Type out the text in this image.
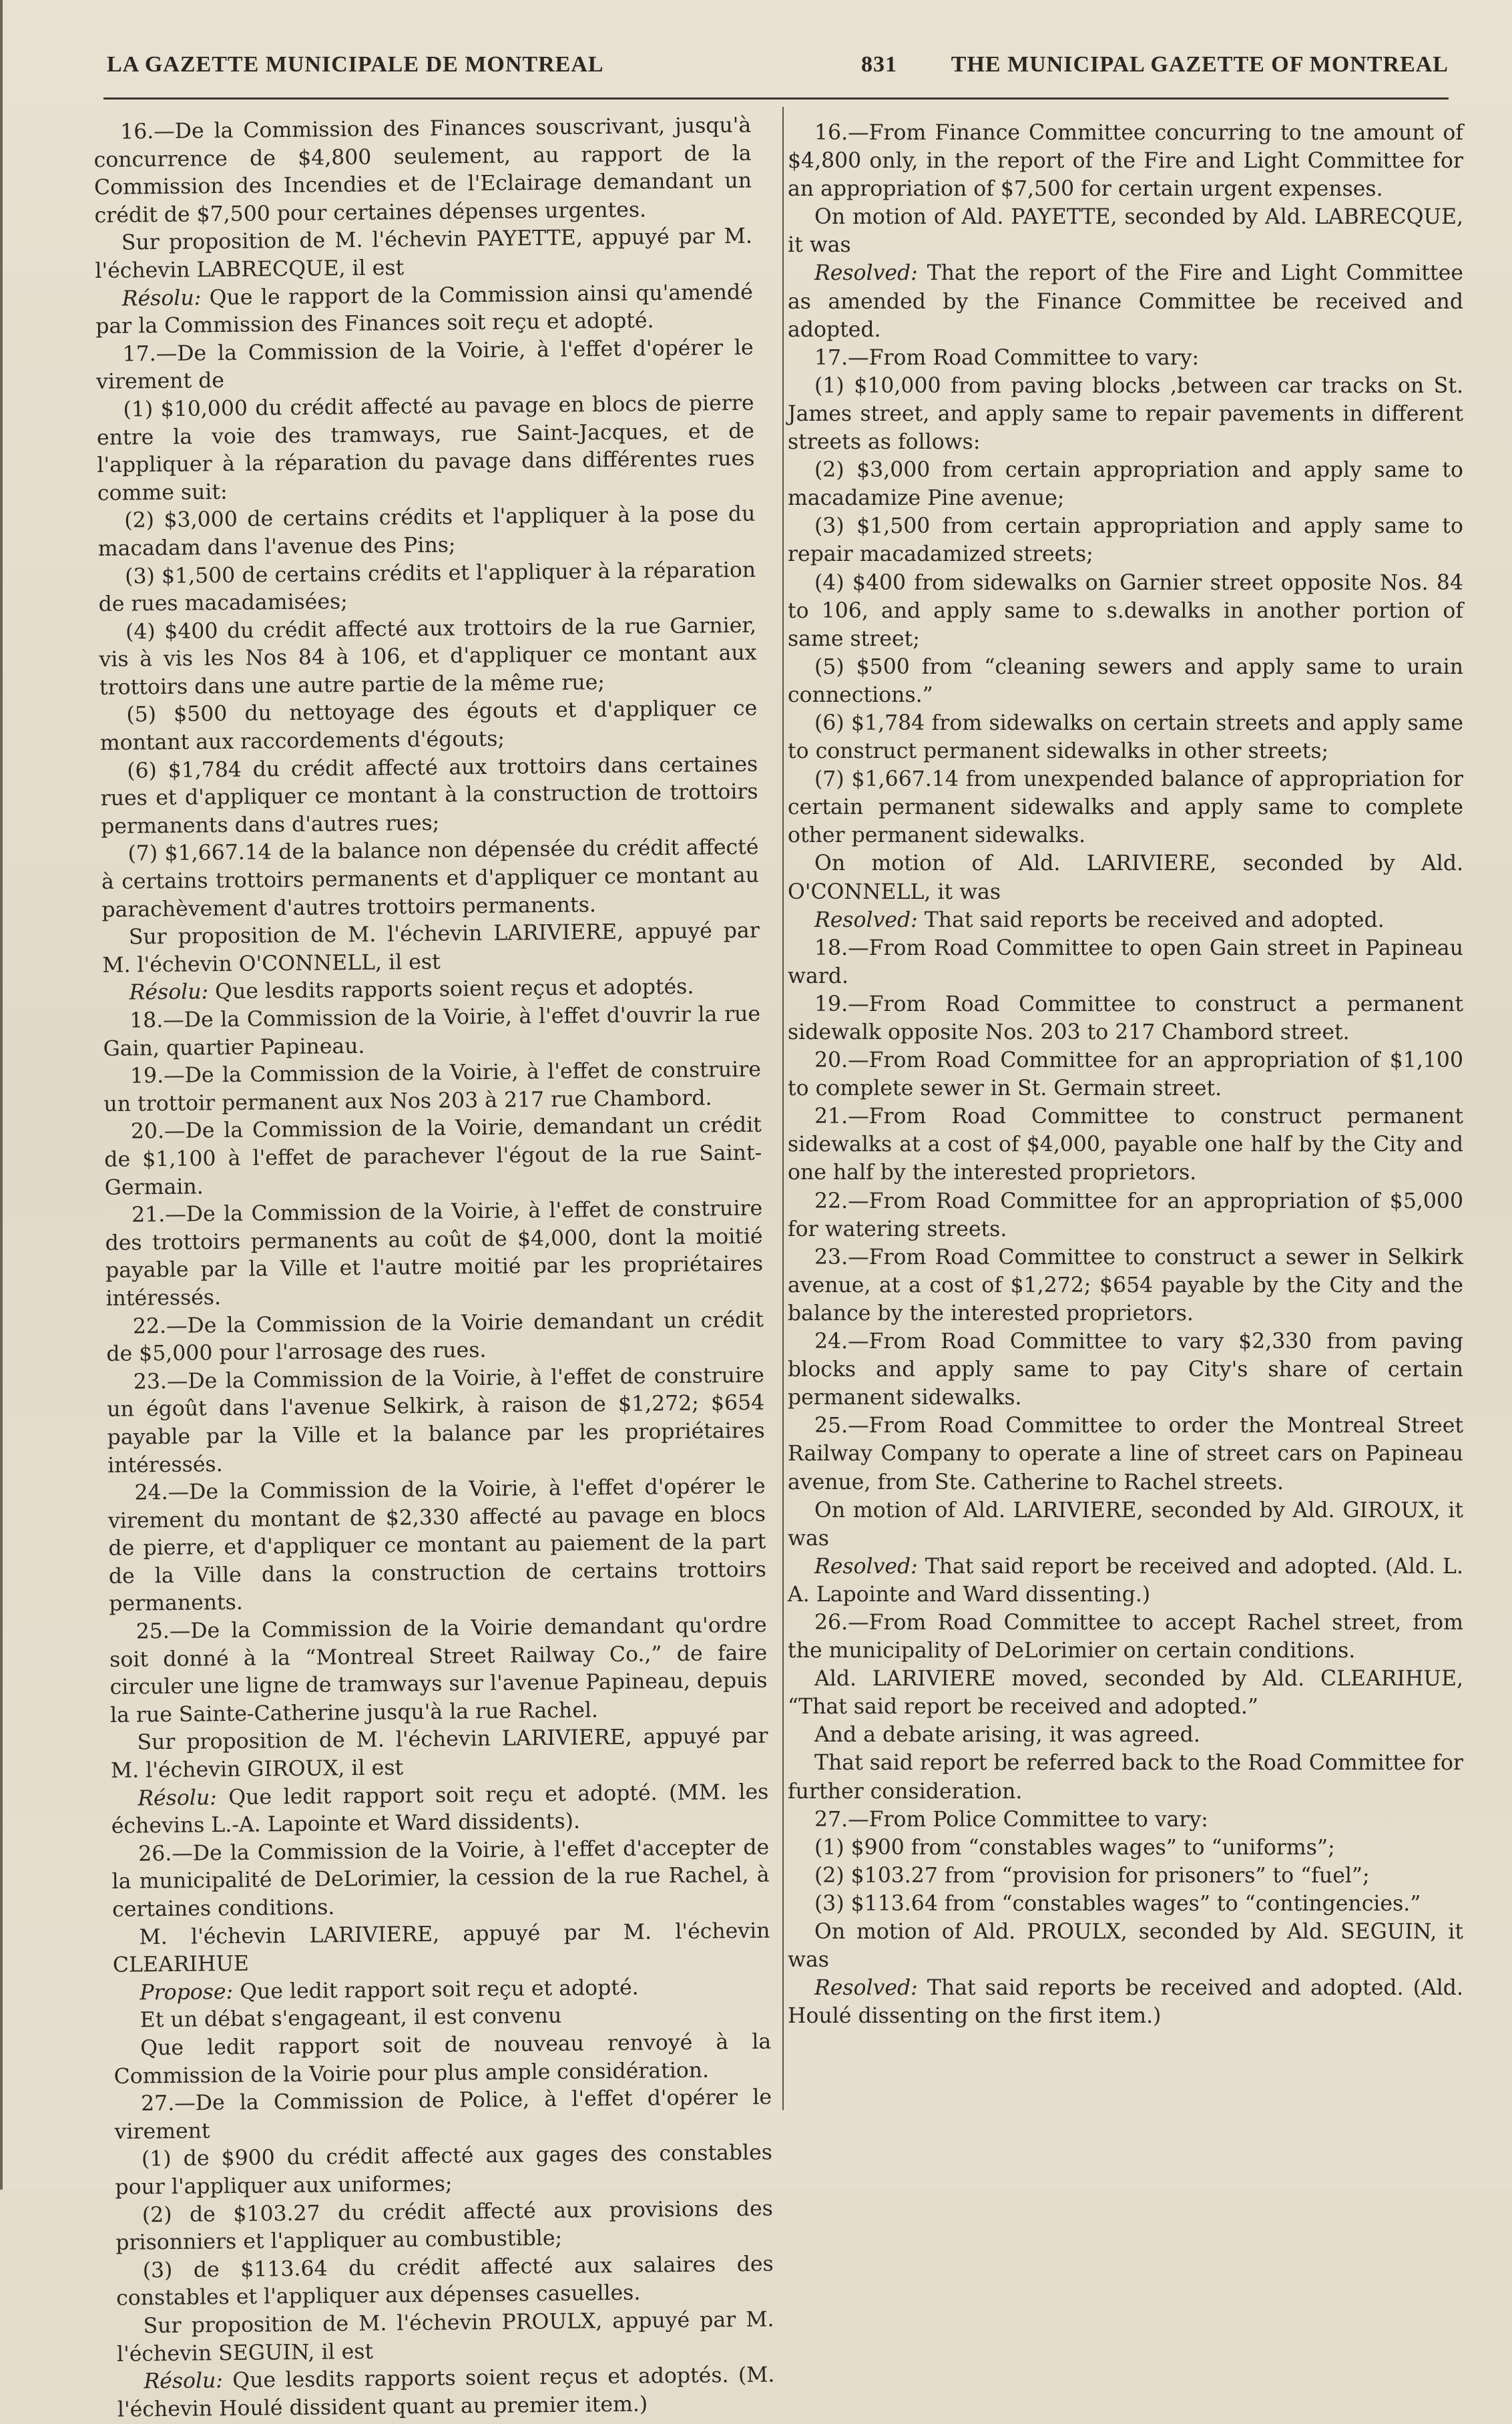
LA GAZETTE MUNICIPALE DE MONTREAL	831 THE MUNICIPAL GAZETTE OF MONTREAL

16.—De la Commission des Finances souscrivant, jusqu'à concurrence de $4,800 seulement, au rapport de la Commission des Incendies et de l'Eclairage demandant un crédit de $7,500 pour certaines dépenses urgentes.

Sur proposition de M. l'échevin PAYETTE, appuyé par M. l'échevin LABRECQUE, il est

Résolu: Que le rapport de la Commission ainsi qu'amendé par la Commission des Finances soit reçu et adopté.

17.—De la Commission de la Voirie, à l'effet d'opérer le virement de

(1) $10,000 du crédit affecté au pavage en blocs de pierre entre la voie des tramways, rue Saint-Jacques, et de l'appliquer à la réparation du pavage dans différentes rues comme suit:

(2) $3,000 de certains crédits et l'appliquer à la pose du macadam dans l'avenue des Pins;

(3) $1,500 de certains crédits et l'appliquer à la réparation de rues macadamisées;

(4) $400 du crédit affecté aux trottoirs de la rue Garnier, vis à vis les Nos 84 à 106, et d'appliquer ce montant aux trottoirs dans une autre partie de la même rue;

(5) $500 du nettoyage des égouts et d'appliquer ce montant aux raccordements d'égouts;

(6) $1,784 du crédit affecté aux trottoirs dans certaines rues et d'appliquer ce montant à la construction de trottoirs permanents dans d'autres rues;

(7) $1,667.14 de la balance non dépensée du crédit affecté à certains trottoirs permanents et d'appliquer ce montant au parachèvement d'autres trottoirs permanents.

Sur proposition de M. l'échevin LARIVIERE, appuyé par M. l'échevin O'CONNELL, il est

Résolu: Que lesdits rapports soient reçus et adoptés.

18.—De la Commission de la Voirie, à l'effet d'ouvrir la rue Gain, quartier Papineau.

19.—De la Commission de la Voirie, à l'effet de construire un trottoir permanent aux Nos 203 à 217 rue Chambord.

20.—De la Commission de la Voirie, demandant un crédit de $1,100 à l'effet de parachever l'égout de la rue Saint-Germain.

21.—De la Commission de la Voirie, à l'effet de construire des trottoirs permanents au coût de $4,000, dont la moitié payable par la Ville et l'autre moitié par les propriétaires intéressés.

22.—De la Commission de la Voirie demandant un crédit de $5,000 pour l'arrosage des rues.

23.—De la Commission de la Voirie, à l'effet de construire un égoût dans l'avenue Selkirk, à raison de $1,272; $654 payable par la Ville et la balance par les propriétaires intéressés.

24.—De la Commission de la Voirie, à l'effet d'opérer le virement du montant de $2,330 affecté au pavage en blocs de pierre, et d'appliquer ce montant au paiement de la part de la Ville dans la construction de certains trottoirs permanents.

25.—De la Commission de la Voirie demandant qu'ordre soit donné à la “Montreal Street Railway Co.,” de faire circuler une ligne de tramways sur l'avenue Papineau, depuis la rue Sainte-Catherine jusqu'à la rue Rachel.

Sur proposition de M. l'échevin LARIVIERE, appuyé par M. l'échevin GIROUX, il est

Résolu: Que ledit rapport soit reçu et adopté. (MM. les échevins L.-A. Lapointe et Ward dissidents).

26.—De la Commission de la Voirie, à l'effet d'accepter de la municipalité de DeLorimier, la cession de la rue Rachel, à certaines conditions.

M. l'échevin LARIVIERE, appuyé par M. l'échevin CLEARIHUE

Propose: Que ledit rapport soit reçu et adopté.

Et un débat s'engageant, il est convenu

Que ledit rapport soit de nouveau renvoyé à la Commission de la Voirie pour plus ample considération.

27.—De la Commission de Police, à l'effet d'opérer le virement

(1) de $900 du crédit affecté aux gages des constables pour l'appliquer aux uniformes;

(2) de $103.27 du crédit affecté aux provisions des prisonniers et l'appliquer au combustible;

(3) de $113.64 du crédit affecté aux salaires des constables et l'appliquer aux dépenses casuelles.

Sur proposition de M. l'échevin PROULX, appuyé par M. l'échevin SEGUIN, il est

Résolu: Que lesdits rapports soient reçus et adoptés. (M. l'échevin Houlé dissident quant au premier item.)

16.—From Finance Committee concurring to tne amount of $4,800 only, in the report of the Fire and Light Committee for an appropriation of $7,500 for certain urgent expenses.

On motion of Ald. PAYETTE, seconded by Ald. LABRECQUE, it was

Resolved: That the report of the Fire and Light Committee as amended by the Finance Committee be received and adopted.

17.—From Road Committee to vary:

(1) $10,000 from paving blocks ,between car tracks on St. James street, and apply same to repair pavements in different streets as follows:

(2) $3,000 from certain appropriation and apply same to macadamize Pine avenue;

(3) $1,500 from certain appropriation and apply same to repair macadamized streets;

(4) $400 from sidewalks on Garnier street opposite Nos. 84 to 106, and apply same to s.dewalks in another portion of same street;

(5) $500 from “cleaning sewers and apply same to urain connections.”

(6) $1,784 from sidewalks on certain streets and apply same to construct permanent sidewalks in other streets;

(7) $1,667.14 from unexpended balance of appropriation for certain permanent sidewalks and apply same to complete other permanent sidewalks.

On motion of Ald. LARIVIERE, seconded by Ald. O'CONNELL, it was

Resolved: That said reports be received and adopted.

18.—From Road Committee to open Gain street in Papineau ward.

19.—From Road Committee to construct a permanent sidewalk opposite Nos. 203 to 217 Chambord street.

20.—From Road Committee for an appropriation of $1,100 to complete sewer in St. Germain street.

21.—From Road Committee to construct permanent sidewalks at a cost of $4,000, payable one half by the City and one half by the interested proprietors.

22.—From Road Committee for an appropriation of $5,000 for watering streets.

23.—From Road Committee to construct a sewer in Selkirk avenue, at a cost of $1,272; $654 payable by the City and the balance by the interested proprietors.

24.—From Road Committee to vary $2,330 from paving blocks and apply same to pay City's share of certain permanent sidewalks.

25.—From Road Committee to order the Montreal Street Railway Company to operate a line of street cars on Papineau avenue, from Ste. Catherine to Rachel streets.

On motion of Ald. LARIVIERE, seconded by Ald. GIROUX, it was

Resolved: That said report be received and adopted. (Ald. L. A. Lapointe and Ward dissenting.)

26.—From Road Committee to accept Rachel street, from the municipality of DeLorimier on certain conditions.

Ald. LARIVIERE moved, seconded by Ald. CLEARIHUE, “That said report be received and adopted.”

And a debate arising, it was agreed.

That said report be referred back to the Road Committee for further consideration.

27.—From Police Committee to vary:

(1) $900 from “constables wages” to “uniforms”;

(2) $103.27 from “provision for prisoners” to “fuel”;

(3) $113.64 from “constables wages” to “contingencies.”

On motion of Ald. PROULX, seconded by Ald. SEGUIN, it was

Resolved: That said reports be received and adopted. (Ald. Houlé dissenting on the first item.)
